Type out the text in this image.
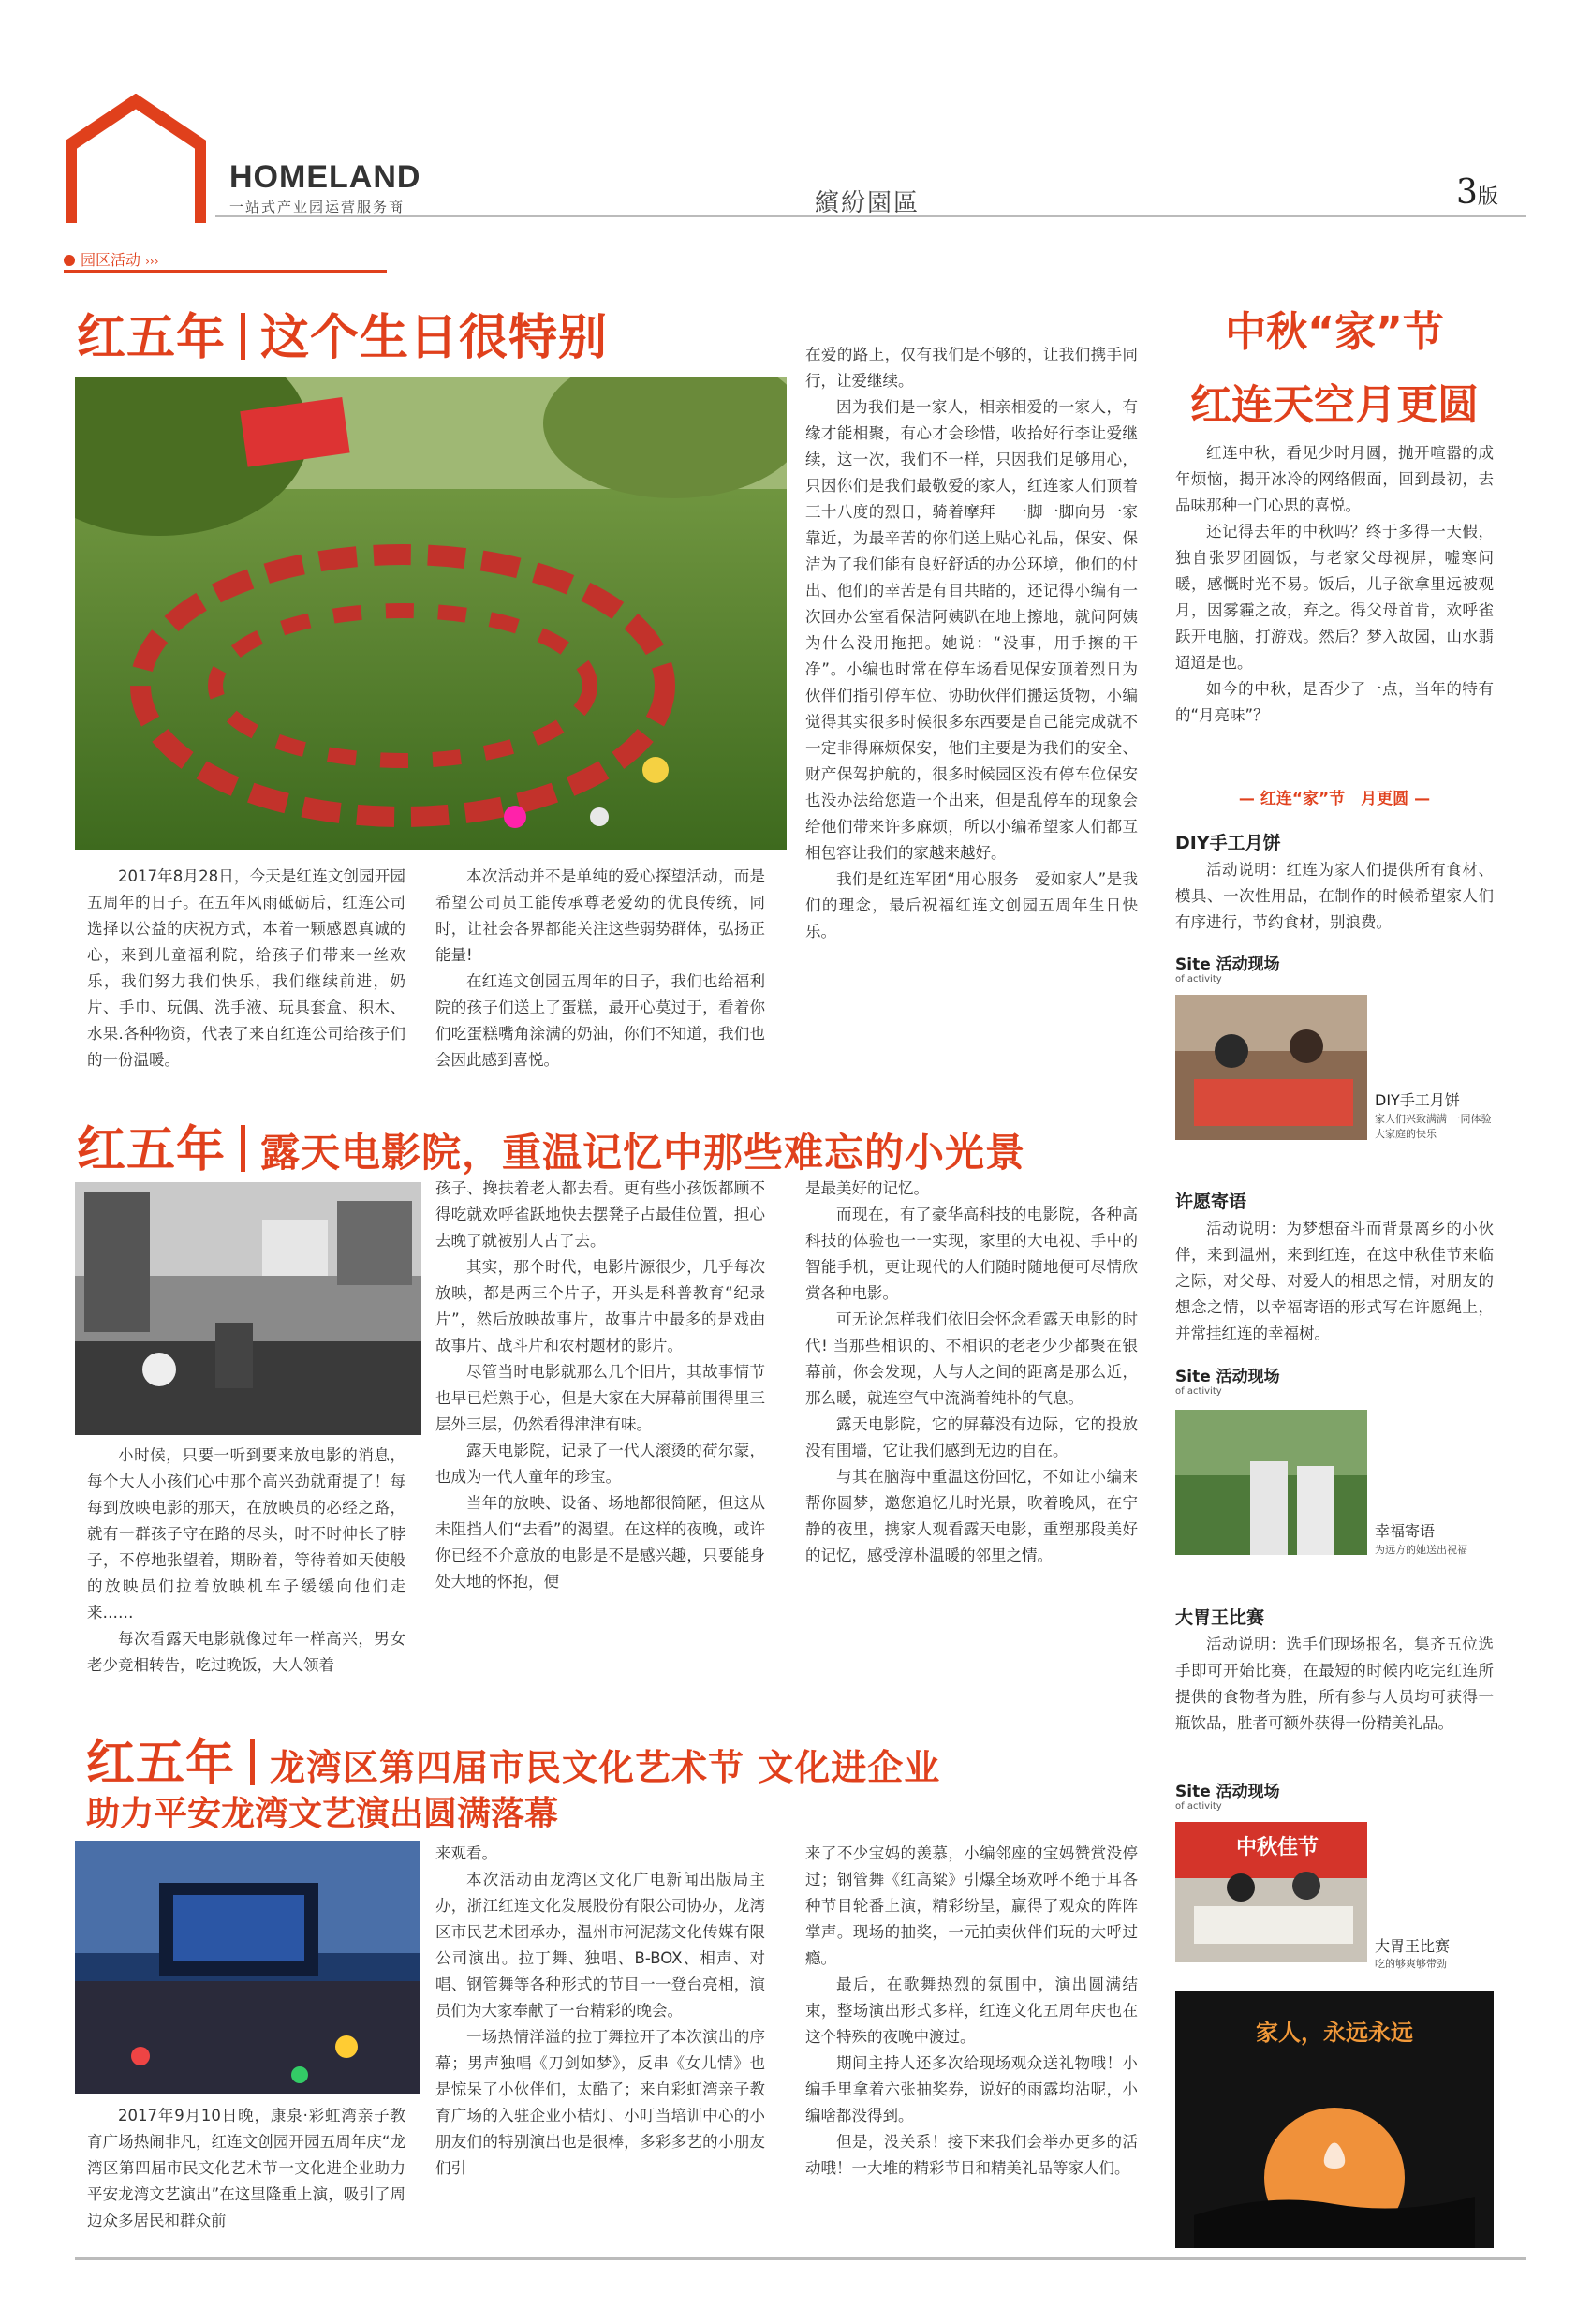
HOMELAND
一站式产业园运营服务商	繽紛園區	3版
园区活动 ›››
红五年 这个生日很特别

2017年8月28日，今天是红连文创园开园五周年的日子。在五年风雨砥砺后，红连公司选择以公益的庆祝方式，本着一颗感恩真诚的心，来到儿童福利院，给孩子们带来一丝欢乐，我们努力我们快乐，我们继续前进，奶片、手巾、玩偶、洗手液、玩具套盒、积木、水果.各种物资，代表了来自红连公司给孩子们的一份温暖。

本次活动并不是单纯的爱心探望活动，而是希望公司员工能传承尊老爱幼的优良传统，同时，让社会各界都能关注这些弱势群体，弘扬正能量!

在红连文创园五周年的日子，我们也给福利院的孩子们送上了蛋糕，最开心莫过于，看着你们吃蛋糕嘴角涂满的奶油，你们不知道，我们也会因此感到喜悦。

在爱的路上，仅有我们是不够的，让我们携手同行，让爱继续。

因为我们是一家人，相亲相爱的一家人，有缘才能相聚，有心才会珍惜，收拾好行李让爱继续，这一次，我们不一样，只因我们足够用心，只因你们是我们最敬爱的家人，红连家人们顶着三十八度的烈日，骑着摩拜　一脚一脚向另一家靠近，为最辛苦的你们送上贴心礼品，保安、保洁为了我们能有良好舒适的办公环境，他们的付出、他们的幸苦是有目共睹的，还记得小编有一次回办公室看保洁阿姨趴在地上擦地，就问阿姨为什么没用拖把。她说：“没事，用手擦的干净”。小编也时常在停车场看见保安顶着烈日为伙伴们指引停车位、协助伙伴们搬运货物，小编觉得其实很多时候很多东西要是自己能完成就不一定非得麻烦保安，他们主要是为我们的安全、财产保驾护航的，很多时候园区没有停车位保安也没办法给您造一个出来，但是乱停车的现象会给他们带来许多麻烦，所以小编希望家人们都互相包容让我们的家越来越好。

我们是红连军团“用心服务　爱如家人”是我们的理念，最后祝福红连文创园五周年生日快乐。

红五年 露天电影院，重温记忆中那些难忘的小光景

小时候，只要一听到要来放电影的消息，每个大人小孩们心中那个高兴劲就甭提了！每每到放映电影的那天，在放映员的必经之路，就有一群孩子守在路的尽头，时不时伸长了脖子，不停地张望着，期盼着，等待着如天使般的放映员们拉着放映机车子缓缓向他们走来……

每次看露天电影就像过年一样高兴，男女老少竞相转告，吃过晚饭，大人领着

孩子、搀扶着老人都去看。更有些小孩饭都顾不得吃就欢呼雀跃地快去摆凳子占最佳位置，担心去晚了就被别人占了去。

其实，那个时代，电影片源很少，几乎每次放映，都是两三个片子，开头是科普教育“纪录片”，然后放映故事片，故事片中最多的是戏曲故事片、战斗片和农村题材的影片。

尽管当时电影就那么几个旧片，其故事情节也早已烂熟于心，但是大家在大屏幕前围得里三层外三层，仍然看得津津有味。

露天电影院，记录了一代人滚烫的荷尔蒙，也成为一代人童年的珍宝。

当年的放映、设备、场地都很简陋，但这从未阻挡人们“去看”的渴望。在这样的夜晚，或许你已经不介意放的电影是不是感兴趣，只要能身处大地的怀抱，便

是最美好的记忆。

而现在，有了豪华高科技的电影院，各种高科技的体验也一一实现，家里的大电视、手中的智能手机，更让现代的人们随时随地便可尽情欣赏各种电影。

可无论怎样我们依旧会怀念看露天电影的时代! 当那些相识的、不相识的老老少少都聚在银幕前，你会发现，人与人之间的距离是那么近，那么暖，就连空气中流淌着纯朴的气息。

露天电影院，它的屏幕没有边际，它的投放没有围墙，它让我们感到无边的自在。

与其在脑海中重温这份回忆，不如让小编来帮你圆梦，邀您追忆儿时光景，吹着晚风，在宁静的夜里，携家人观看露天电影，重塑那段美好的记忆，感受淳朴温暖的邻里之情。

红五年 龙湾区第四届市民文化艺术节 文化进企业
助力平安龙湾文艺演出圆满落幕

2017年9月10日晚，康泉·彩虹湾亲子教育广场热闹非凡，红连文创园开园五周年庆“龙湾区第四届市民文化艺术节一文化进企业助力平安龙湾文艺演出”在这里隆重上演，吸引了周边众多居民和群众前

来观看。

本次活动由龙湾区文化广电新闻出版局主办，浙江红连文化发展股份有限公司协办，龙湾区市民艺术团承办，温州市河泥荡文化传媒有限公司演出。拉丁舞、独唱、B-BOX、相声、对唱、钢管舞等各种形式的节目一一登台亮相，演员们为大家奉献了一台精彩的晚会。

一场热情洋溢的拉丁舞拉开了本次演出的序幕；男声独唱《刀剑如梦》，反串《女儿情》也是惊呆了小伙伴们，太酷了；来自彩虹湾亲子教育广场的入驻企业小桔灯、小叮当培训中心的小朋友们的特别演出也是很棒，多彩多艺的小朋友们引

来了不少宝妈的羡慕，小编邻座的宝妈赞赏没停过；钢管舞《红高粱》引爆全场欢呼不绝于耳各种节目轮番上演，精彩纷呈，赢得了观众的阵阵掌声。现场的抽奖，一元拍卖伙伴们玩的大呼过瘾。

最后，在歌舞热烈的氛围中，演出圆满结束，整场演出形式多样，红连文化五周年庆也在这个特殊的夜晚中渡过。

期间主持人还多次给现场观众送礼物哦！小编手里拿着六张抽奖券，说好的雨露均沾呢，小编啥都没得到。

但是，没关系！接下来我们会举办更多的活动哦！一大堆的精彩节目和精美礼品等家人们。

中秋“家”节
红连天空月更圆

红连中秋，看见少时月圆，抛开喧嚣的成年烦恼，揭开冰冷的网络假面，回到最初，去品味那种一门心思的喜悦。

还记得去年的中秋吗？终于多得一天假，独自张罗团圆饭，与老家父母视屏，嘘寒问暖，感慨时光不易。饭后，儿子欲拿里远被观月，因雾霾之故，弃之。得父母首肯，欢呼雀跃开电脑，打游戏。然后？梦入故园，山水翡迢迢是也。

如今的中秋，是否少了一点，当年的特有的“月亮味”？

— 红连“家”节　月更圆 —
DIY手工月饼

活动说明：红连为家人们提供所有食材、模具、一次性用品，在制作的时候希望家人们有序进行，节约食材，别浪费。

Site 活动现场
of activity
DIY手工月饼
家人们兴致满满 一同体验大家庭的快乐
许愿寄语

活动说明：为梦想奋斗而背景离乡的小伙伴，来到温州，来到红连，在这中秋佳节来临之际，对父母、对爱人的相思之情，对朋友的想念之情，以幸福寄语的形式写在许愿绳上，并常挂红连的幸福树。

Site 活动现场
of activity
幸福寄语
为远方的她送出祝福
大胃王比赛

活动说明：选手们现场报名，集齐五位选手即可开始比赛，在最短的时候内吃完红连所提供的食物者为胜，所有参与人员均可获得一瓶饮品，胜者可额外获得一份精美礼品。

Site 活动现场
of activity
中秋佳节
大胃王比赛
吃的够爽够带劲
家人，永远永远
